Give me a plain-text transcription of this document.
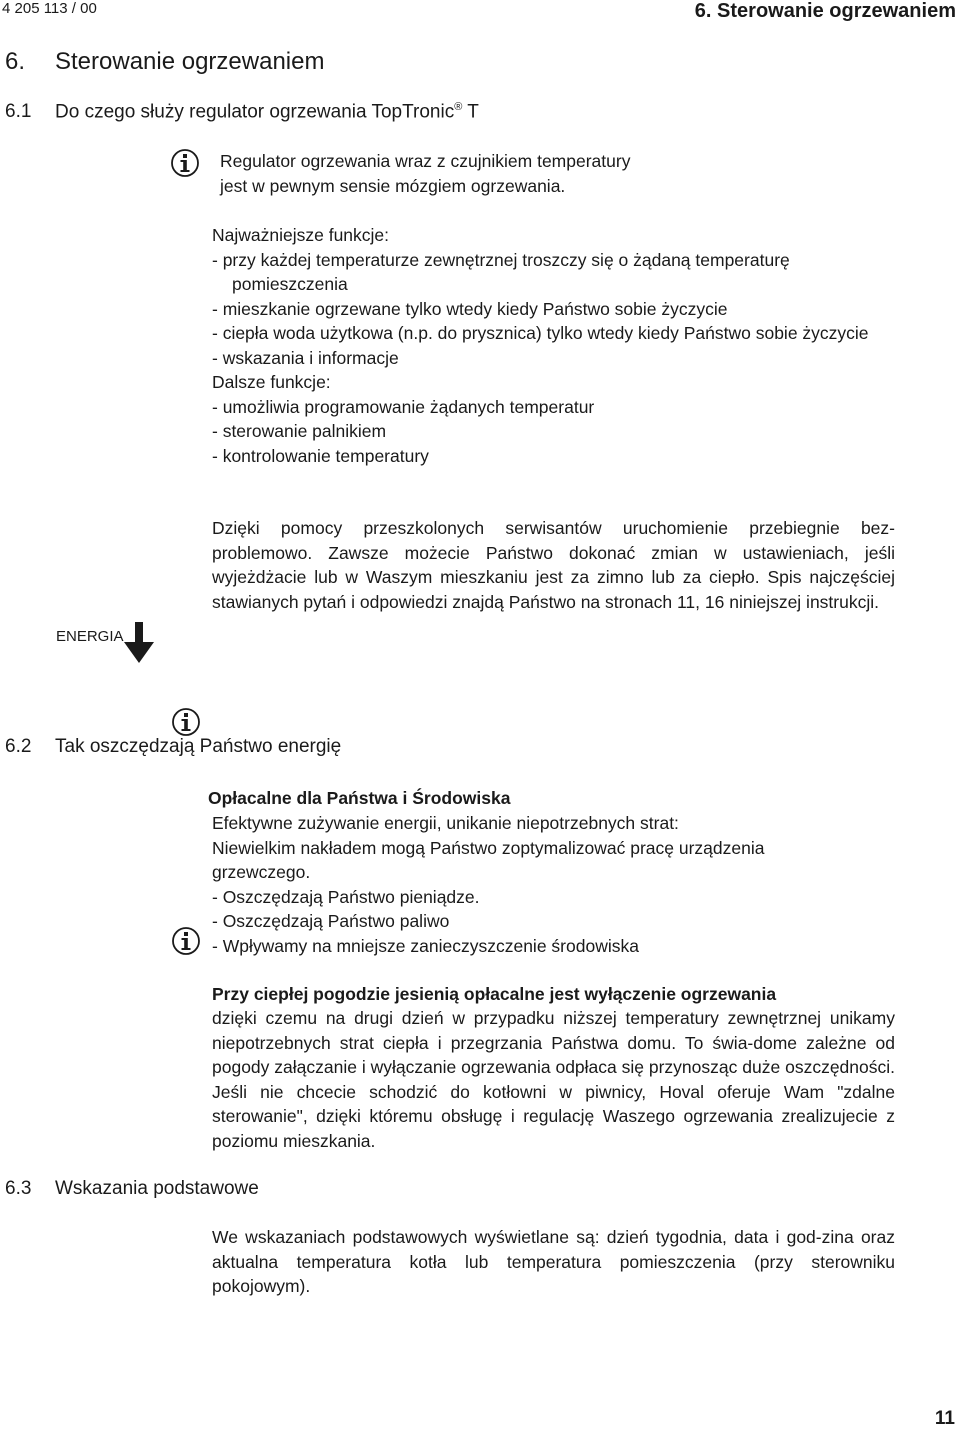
4 205 113 / 00	6. Sterowanie ogrzewaniem
6. Sterowanie ogrzewaniem
6.1 Do czego służy regulator ogrzewania TopTronic® T
Regulator ogrzewania wraz z czujnikiem temperatury
jest w pewnym sensie mózgiem ogrzewania.
Najważniejsze funkcje:
- przy każdej temperaturze zewnętrznej troszczy się o żądaną temperaturę pomieszczenia
- mieszkanie ogrzewane tylko wtedy kiedy Państwo sobie życzycie
- ciepła woda użytkowa (n.p. do prysznica) tylko wtedy kiedy Państwo sobie życzycie
- wskazania i informacje
Dalsze funkcje:
- umożliwia programowanie żądanych temperatur
- sterowanie palnikiem
- kontrolowanie temperatury
Dzięki pomocy przeszkolonych serwisantów uruchomienie przebiegnie bez-problemowo. Zawsze możecie Państwo dokonać zmian w ustawieniach, jeśli wyjeżdżacie lub w Waszym mieszkaniu jest za zimno lub za ciepło. Spis najczęściej stawianych pytań i odpowiedzi znajdą Państwo na stronach 11, 16 niniejszej instrukcji.
ENERGIA
6.2 Tak oszczędzają Państwo energię
Opłacalne dla Państwa i Środowiska
Efektywne zużywanie energii, unikanie niepotrzebnych strat:
Niewielkim nakładem mogą Państwo zoptymalizować pracę urządzenia grzewczego.
- Oszczędzają Państwo pieniądze.
- Oszczędzają Państwo paliwo
- Wpływamy na mniejsze zanieczyszczenie środowiska
Przy ciepłej pogodzie jesienią opłacalne jest wyłączenie ogrzewania
dzięki czemu na drugi dzień w przypadku niższej temperatury zewnętrznej unikamy niepotrzebnych strat ciepła i przegrzania Państwa domu. To świa-dome zależne od pogody załączanie i wyłączanie ogrzewania odpłaca się przynosząc duże oszczędności. Jeśli nie chcecie schodzić do kotłowni w piwnicy, Hoval oferuje Wam "zdalne sterowanie", dzięki któremu obsługę i regulację Waszego ogrzewania zrealizujecie z poziomu mieszkania.
6.3 Wskazania podstawowe
We wskazaniach podstawowych wyświetlane są: dzień tygodnia, data i god-zina oraz aktualna temperatura kotła lub temperatura pomieszczenia (przy sterowniku pokojowym).
11
